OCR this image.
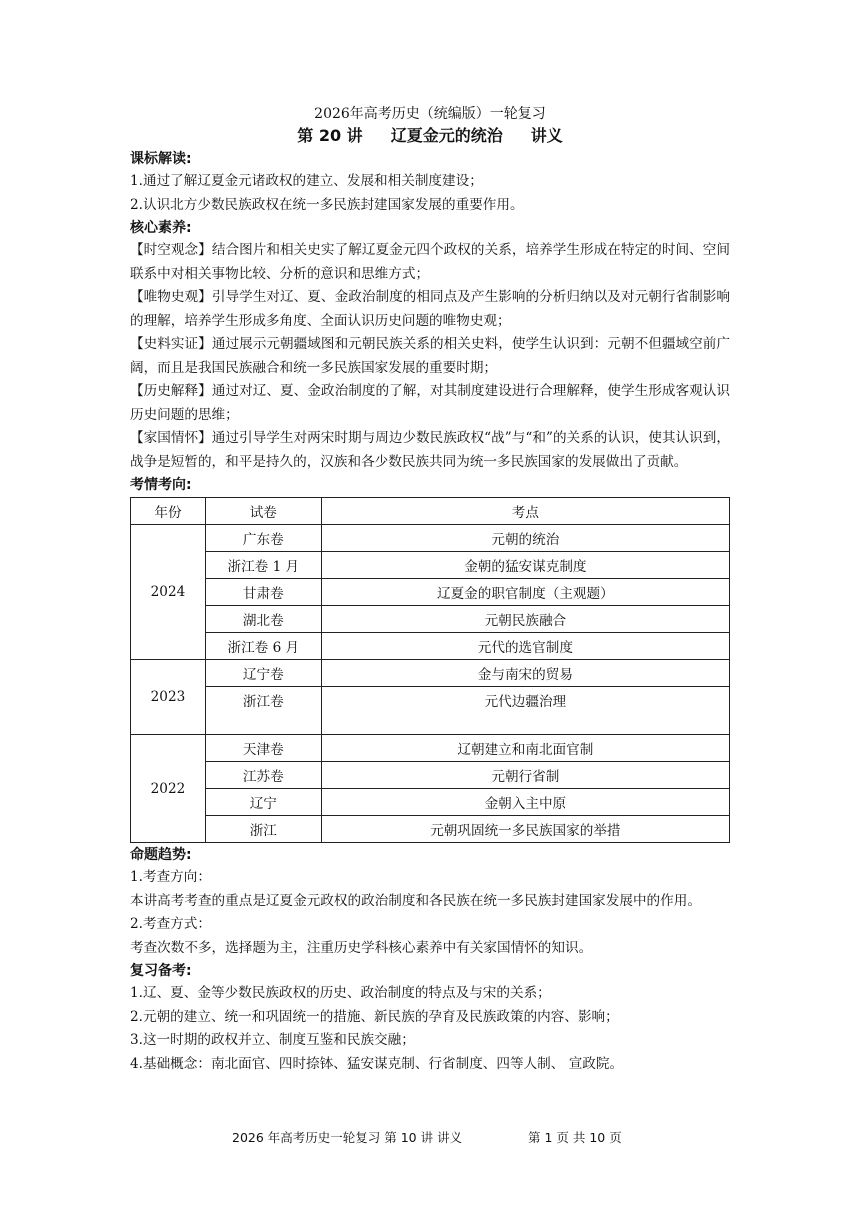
2026年高考历史（统编版）一轮复习
第 20 讲 辽夏金元的统治 讲义
课标解读:
1.通过了解辽夏金元诸政权的建立、发展和相关制度建设；
2.认识北方少数民族政权在统一多民族封建国家发展的重要作用。
核心素养:
【时空观念】结合图片和相关史实了解辽夏金元四个政权的关系，培养学生形成在特定的时间、空间联系中对相关事物比较、分析的意识和思维方式；
【唯物史观】引导学生对辽、夏、金政治制度的相同点及产生影响的分析归纳以及对元朝行省制影响的理解，培养学生形成多角度、全面认识历史问题的唯物史观；
【史料实证】通过展示元朝疆域图和元朝民族关系的相关史料，使学生认识到：元朝不但疆域空前广阔，而且是我国民族融合和统一多民族国家发展的重要时期；
【历史解释】通过对辽、夏、金政治制度的了解，对其制度建设进行合理解释，使学生形成客观认识历史问题的思维；
【家国情怀】通过引导学生对两宋时期与周边少数民族政权“战”与“和”的关系的认识，使其认识到，战争是短暂的，和平是持久的，汉族和各少数民族共同为统一多民族国家的发展做出了贡献。
考情考向:
年份	试卷	考点
2024	广东卷	元朝的统治
	浙江卷 1 月	金朝的猛安谋克制度
	甘肃卷	辽夏金的职官制度（主观题）
	湖北卷	元朝民族融合
	浙江卷 6 月	元代的选官制度
2023	辽宁卷	金与南宋的贸易
	浙江卷	元代边疆治理
2022	天津卷	辽朝建立和南北面官制
	江苏卷	元朝行省制
	辽宁	金朝入主中原
	浙江	元朝巩固统一多民族国家的举措
命题趋势:
1.考查方向：
本讲高考考查的重点是辽夏金元政权的政治制度和各民族在统一多民族封建国家发展中的作用。
2.考查方式：
考查次数不多，选择题为主，注重历史学科核心素养中有关家国情怀的知识。
复习备考:
1.辽、夏、金等少数民族政权的历史、政治制度的特点及与宋的关系；
2.元朝的建立、统一和巩固统一的措施、新民族的孕育及民族政策的内容、影响；
3.这一时期的政权并立、制度互鉴和民族交融；
4.基础概念：南北面官、四时捺钵、猛安谋克制、行省制度、四等人制、 宣政院。
2026 年高考历史一轮复习 第 10 讲 讲义	第 1 页 共 10 页
